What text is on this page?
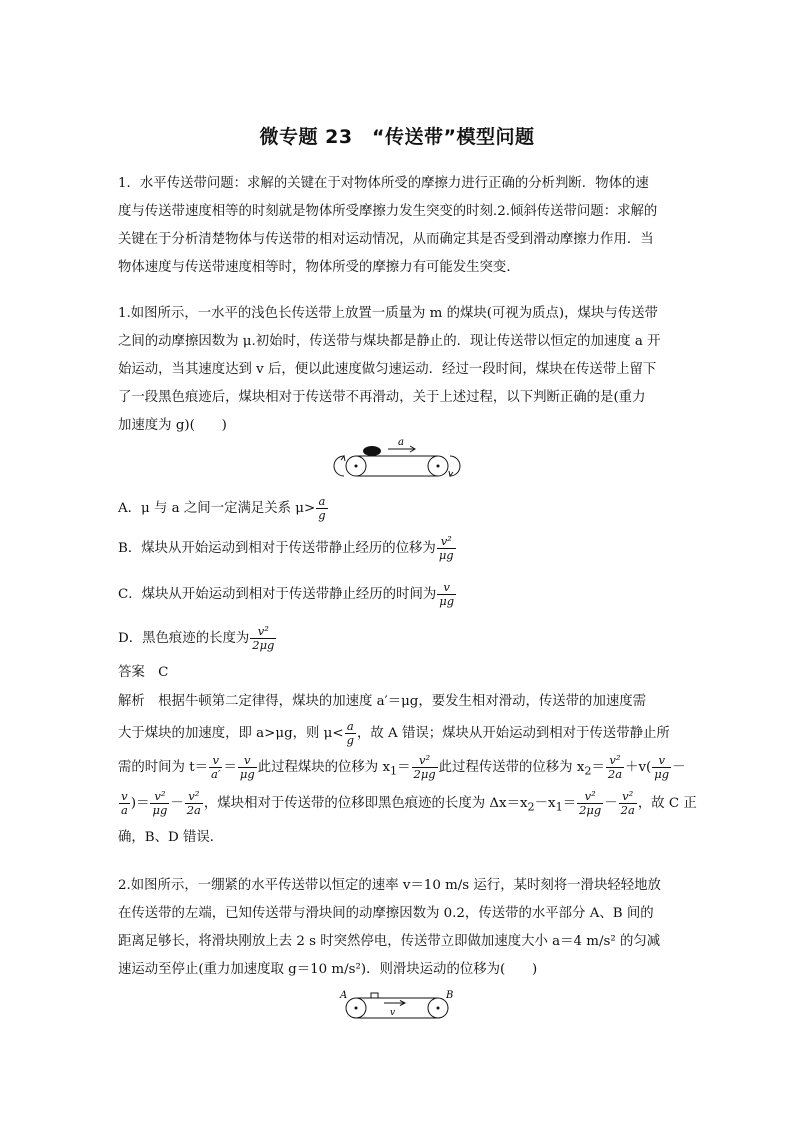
微专题 23　“传送带”模型问题
1．水平传送带问题：求解的关键在于对物体所受的摩擦力进行正确的分析判断．物体的速
度与传送带速度相等的时刻就是物体所受摩擦力发生突变的时刻.2.倾斜传送带问题：求解的
关键在于分析清楚物体与传送带的相对运动情况，从而确定其是否受到滑动摩擦力作用．当
物体速度与传送带速度相等时，物体所受的摩擦力有可能发生突变．
1.如图所示，一水平的浅色长传送带上放置一质量为 m 的煤块(可视为质点)，煤块与传送带
之间的动摩擦因数为 μ.初始时，传送带与煤块都是静止的．现让传送带以恒定的加速度 a 开
始运动，当其速度达到 v 后，便以此速度做匀速运动．经过一段时间，煤块在传送带上留下
了一段黑色痕迹后，煤块相对于传送带不再滑动，关于上述过程，以下判断正确的是(重力
加速度为 g)(　　)
a
A．μ 与 a 之间一定满足关系 $\mu> \frac{a}{g}$
B．煤块从开始运动到相对于传送带静止经历的位移为 $\frac{\text{v²}}{\mu g}$
C．煤块从开始运动到相对于传送带静止经历的时间为 $\frac{v}{\mu g}$
D．黑色痕迹的长度为 $\frac{\text{v²}}{2\mu g}$
答案　C
解析　根据牛顿第二定律得，煤块的加速度 a′＝μg，要发生相对滑动，传送带的加速度需
大于煤块的加速度，即 a>μg，则 $\mu< \frac{a}{g}$ ，故 A 错误；煤块从开始运动到相对于传送带静止所
需的时间为 $t= \frac{v}{a'} = \frac{v}{\mu g}$ 此过程煤块的位移为 $x_1= \frac{\text{v²}}{2\mu g}$ 此过程传送带的位移为 $x_2= \frac{\text{v²}}{2a} +v( \frac{v}{\mu g}$ －
$\frac{v}{a}$ )＝ $\frac{\text{v²}}{\mu g} - \frac{\text{v²}}{2a}$ ，煤块相对于传送带的位移即黑色痕迹的长度为 $\Delta x=x_2-x_1= \frac{\text{v²}}{2\mu g} - \frac{\text{v²}}{2a}$ ，故 C 正
确，B、D 错误．
2.如图所示，一绷紧的水平传送带以恒定的速率 v＝10 m/s 运行，某时刻将一滑块轻轻地放
在传送带的左端，已知传送带与滑块间的动摩擦因数为 0.2，传送带的水平部分 A、B 间的
距离足够长，将滑块刚放上去 2 s 时突然停电，传送带立即做加速度大小 a＝4 m/s² 的匀减
速运动至停止(重力加速度取 g＝10 m/s²)．则滑块运动的位移为(　　)
A	B
v
